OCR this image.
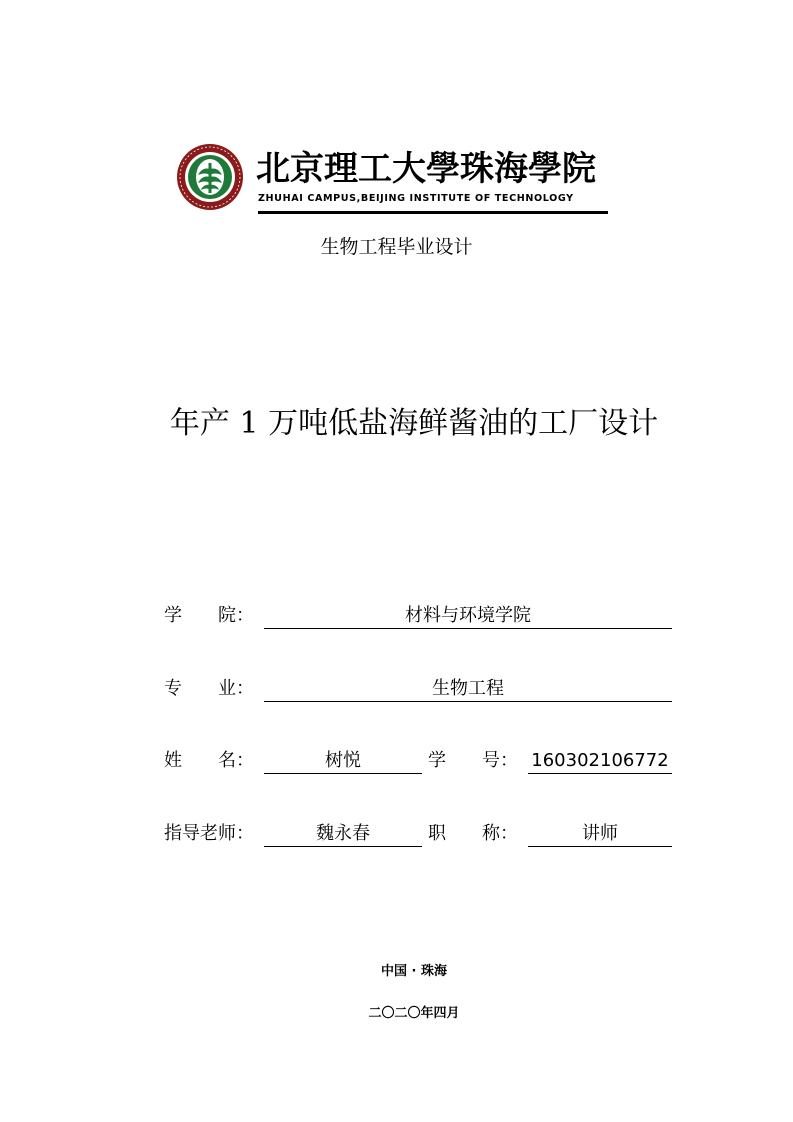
北京理工大學珠海學院
ZHUHAI CAMPUS,BEIJING INSTITUTE OF TECHNOLOGY
生物工程毕业设计
年产 1 万吨低盐海鲜酱油的工厂设计
学　　院：	材料与环境学院
专　　业：	生物工程
姓　　名：	树悦	学　　号： 160302106772
指导老师：	魏永春	职　　称：	讲师
中国 · 珠海
二〇二〇年四月
